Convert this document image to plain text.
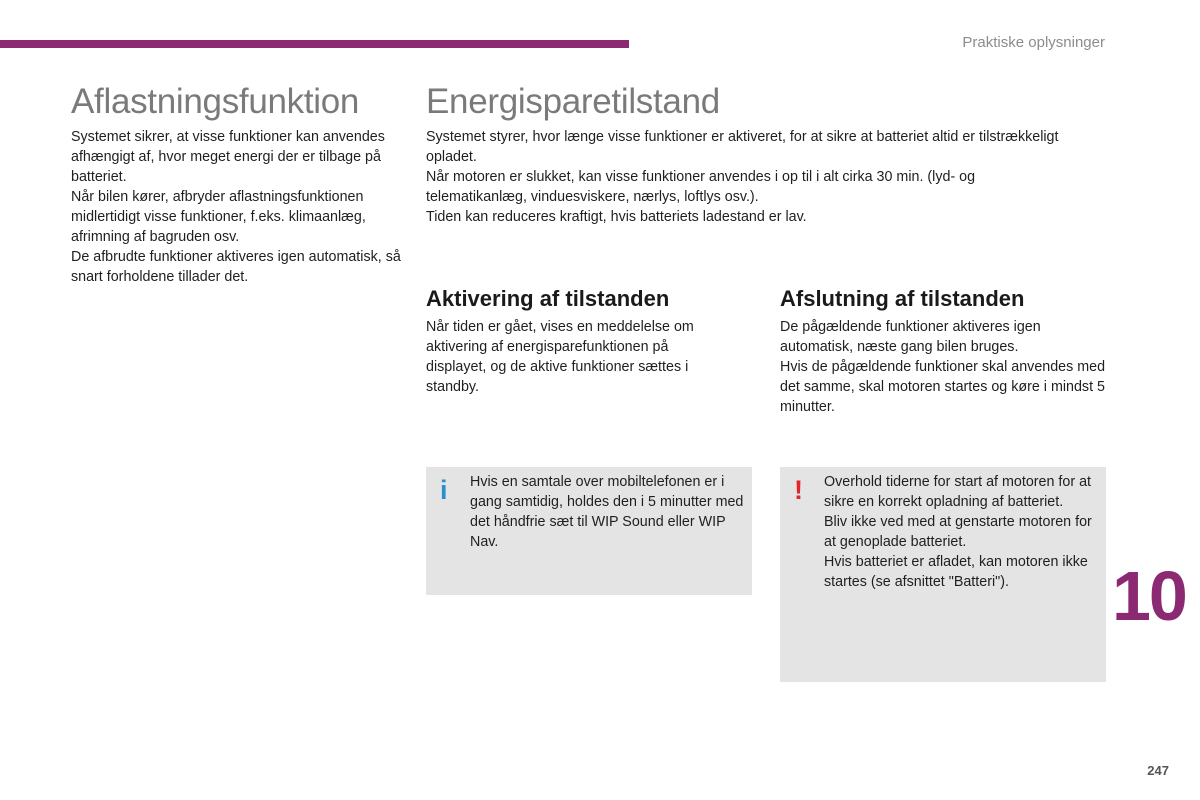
Praktiske oplysninger
Aflastningsfunktion

Systemet sikrer, at visse funktioner kan anvendes afhængigt af, hvor meget energi der er tilbage på batteriet.

Når bilen kører, afbryder aflastningsfunktionen midlertidigt visse funktioner, f.eks. klimaanlæg, afrimning af bagruden osv.

De afbrudte funktioner aktiveres igen automatisk, så snart forholdene tillader det.

Energisparetilstand

Systemet styrer, hvor længe visse funktioner er aktiveret, for at sikre at batteriet altid er tilstrækkeligt opladet.

Når motoren er slukket, kan visse funktioner anvendes i op til i alt cirka 30 min. (lyd- og telematikanlæg, vinduesviskere, nærlys, loftlys osv.).

Tiden kan reduceres kraftigt, hvis batteriets ladestand er lav.

Aktivering af tilstanden

Når tiden er gået, vises en meddelelse om aktivering af energisparefunktionen på displayet, og de aktive funktioner sættes i standby.

Afslutning af tilstanden

De pågældende funktioner aktiveres igen automatisk, næste gang bilen bruges.

Hvis de pågældende funktioner skal anvendes med det samme, skal motoren startes og køre i mindst 5 minutter.

i Hvis en samtale over mobiltelefonen er i gang samtidig, holdes den i 5 minutter med det håndfrie sæt til WIP Sound eller WIP Nav.

! Overhold tiderne for start af motoren for at sikre en korrekt opladning af batteriet.

Bliv ikke ved med at genstarte motoren for at genoplade batteriet.

Hvis batteriet er afladet, kan motoren ikke startes (se afsnittet "Batteri").	10
247
